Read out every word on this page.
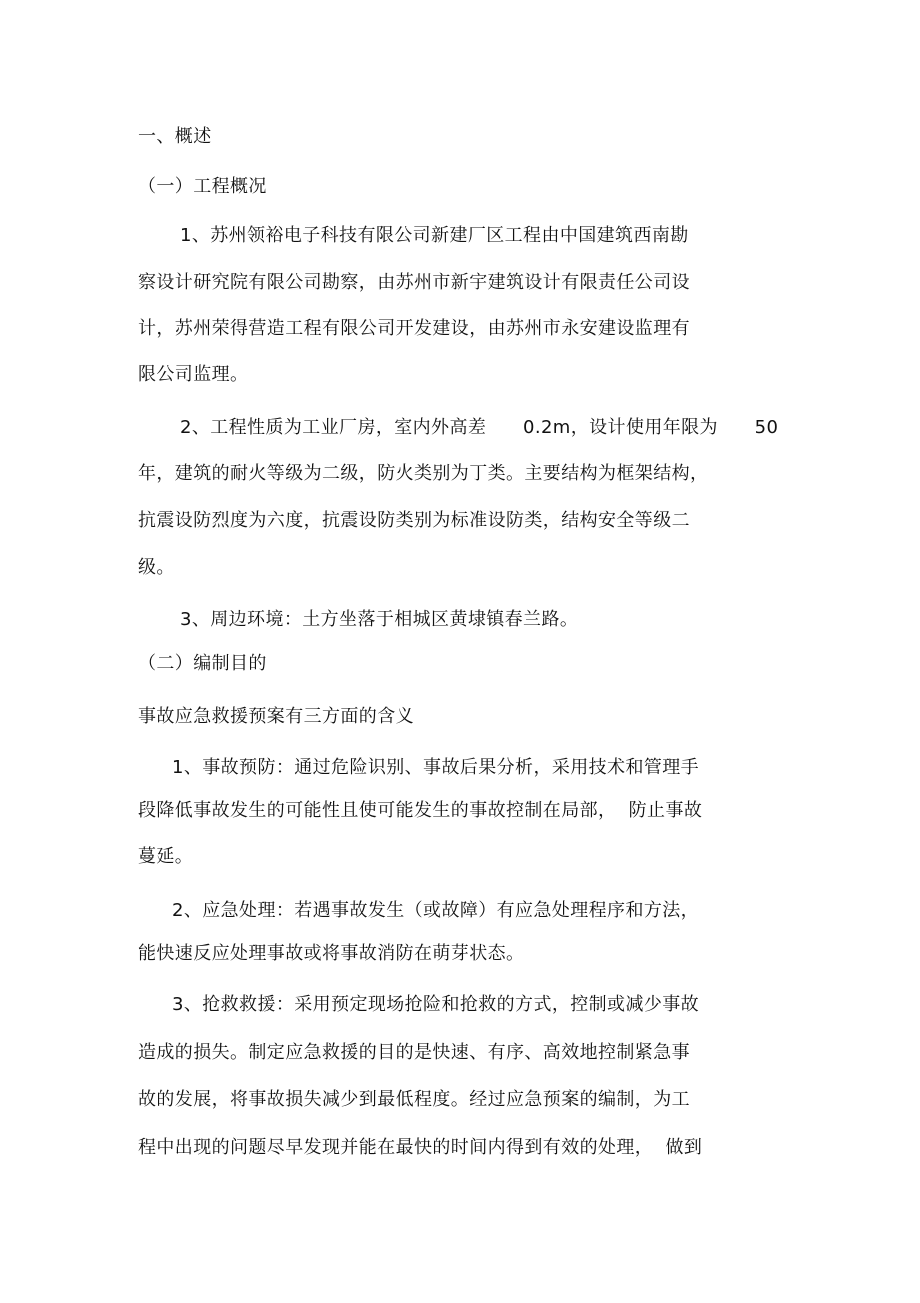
一、概述
（一）工程概况
1、苏州领裕电子科技有限公司新建厂区工程由中国建筑西南勘
察设计研究院有限公司勘察，由苏州市新宇建筑设计有限责任公司设
计，苏州荣得营造工程有限公司开发建设，由苏州市永安建设监理有
限公司监理。
2、工程性质为工业厂房，室内外高差      0.2m，设计使用年限为      50
年，建筑的耐火等级为二级，防火类别为丁类。主要结构为框架结构，
抗震设防烈度为六度，抗震设防类别为标准设防类，结构安全等级二
级。
3、周边环境：土方坐落于相城区黄埭镇春兰路。
（二）编制目的
事故应急救援预案有三方面的含义
1、事故预防：通过危险识别、事故后果分析，采用技术和管理手
段降低事故发生的可能性且使可能发生的事故控制在局部，  防止事故
蔓延。
2、应急处理：若遇事故发生（或故障）有应急处理程序和方法，
能快速反应处理事故或将事故消防在萌芽状态。
3、抢救救援：采用预定现场抢险和抢救的方式，控制或减少事故
造成的损失。制定应急救援的目的是快速、有序、高效地控制紧急事
故的发展，将事故损失减少到最低程度。经过应急预案的编制，为工
程中出现的问题尽早发现并能在最快的时间内得到有效的处理，  做到
